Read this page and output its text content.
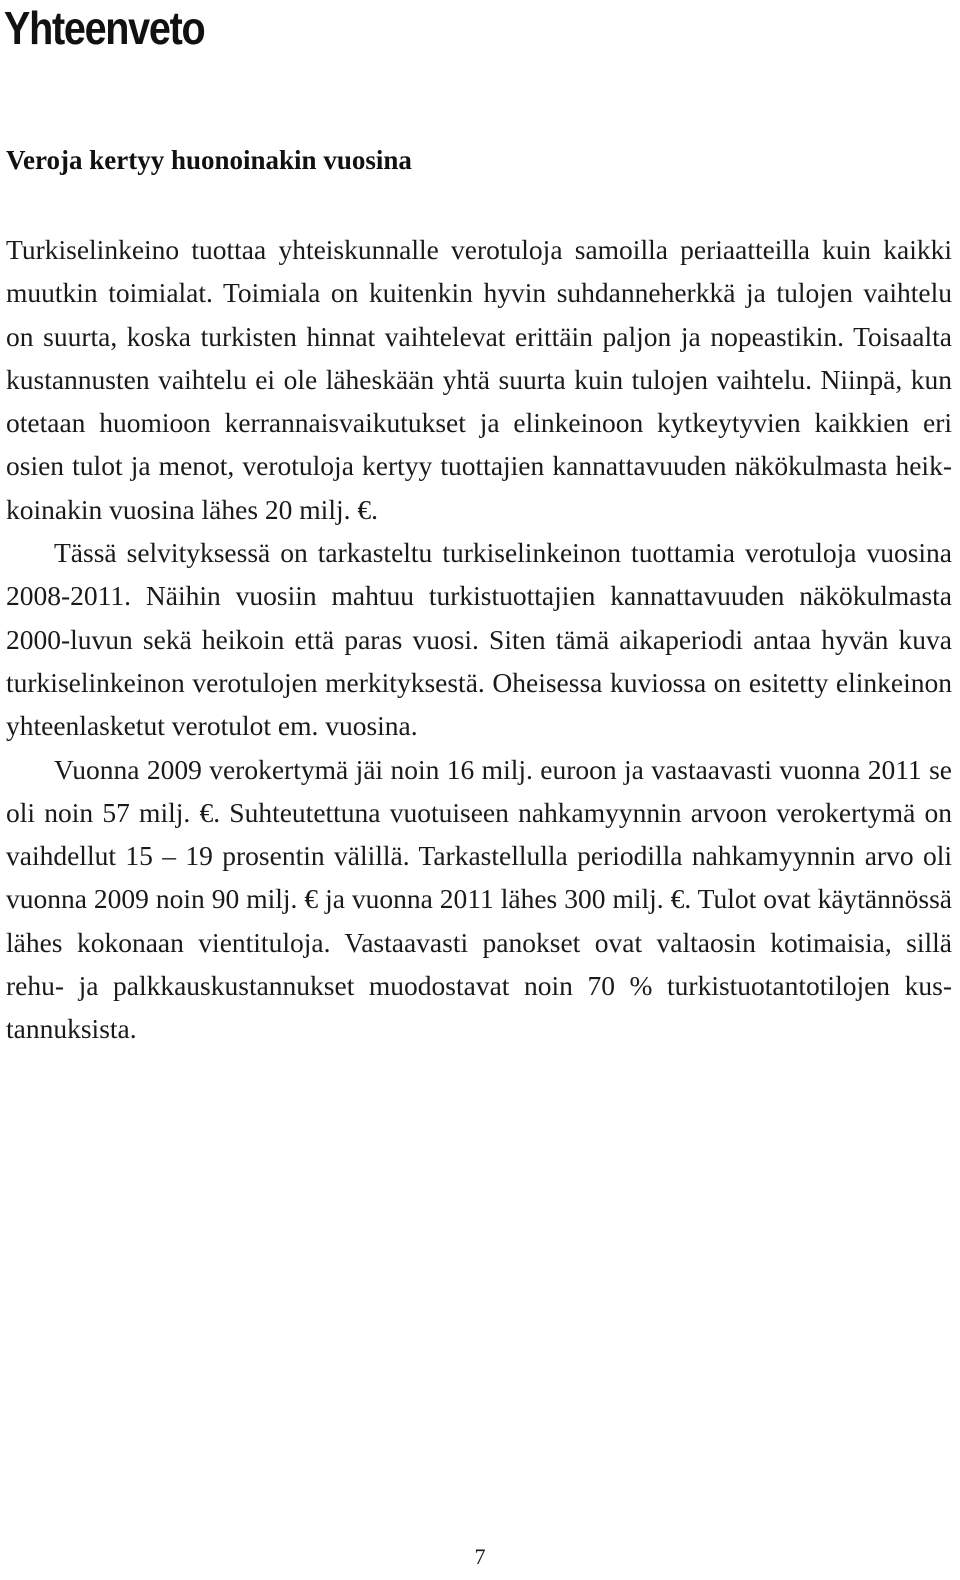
Yhteenveto
Veroja kertyy huonoinakin vuosina

Turkiselinkeino tuottaa yhteiskunnalle verotuloja samoilla periaatteilla kuin kaikki muutkin toimialat. Toimiala on kuitenkin hyvin suhdanneherkkä ja tulojen vaihtelu on suurta, koska turkisten hinnat vaihtelevat erittäin paljon ja nopeastikin. Toisaalta kustannusten vaihtelu ei ole läheskään yhtä suurta kuin tulojen vaihtelu. Niinpä, kun otetaan huomioon kerrannaisvaikutukset ja elinkeinoon kytkeytyvien kaikkien eri osien tulot ja menot, verotuloja kertyy tuottajien kannattavuuden näkökulmasta heikkoinakin vuosina lähes 20 milj. €.

Tässä selvityksessä on tarkasteltu turkiselinkeinon tuottamia verotuloja vuosina 2008-2011. Näihin vuosiin mahtuu turkistuottajien kannattavuuden näkökulmasta 2000-luvun sekä heikoin että paras vuosi. Siten tämä aikaperiodi antaa hyvän kuva turkiselinkeinon verotulojen merkityksestä. Oheisessa kuviossa on esitetty elinkeinon yhteenlasketut verotulot em. vuosina.

Vuonna 2009 verokertymä jäi noin 16 milj. euroon ja vastaavasti vuonna 2011 se oli noin 57 milj. €. Suhteutettuna vuotuiseen nahkamyynnin arvoon verokertymä on vaihdellut 15 – 19 prosentin välillä. Tarkastellulla periodilla nahkamyynnin arvo oli vuonna 2009 noin 90 milj. € ja vuonna 2011 lähes 300 milj. €. Tulot ovat käytännössä lähes kokonaan vientituloja. Vastaavasti panokset ovat valtaosin kotimaisia, sillä rehu- ja palkkauskustannukset muodostavat noin 70 % turkistuotantotilojen kustannuksista.

7
